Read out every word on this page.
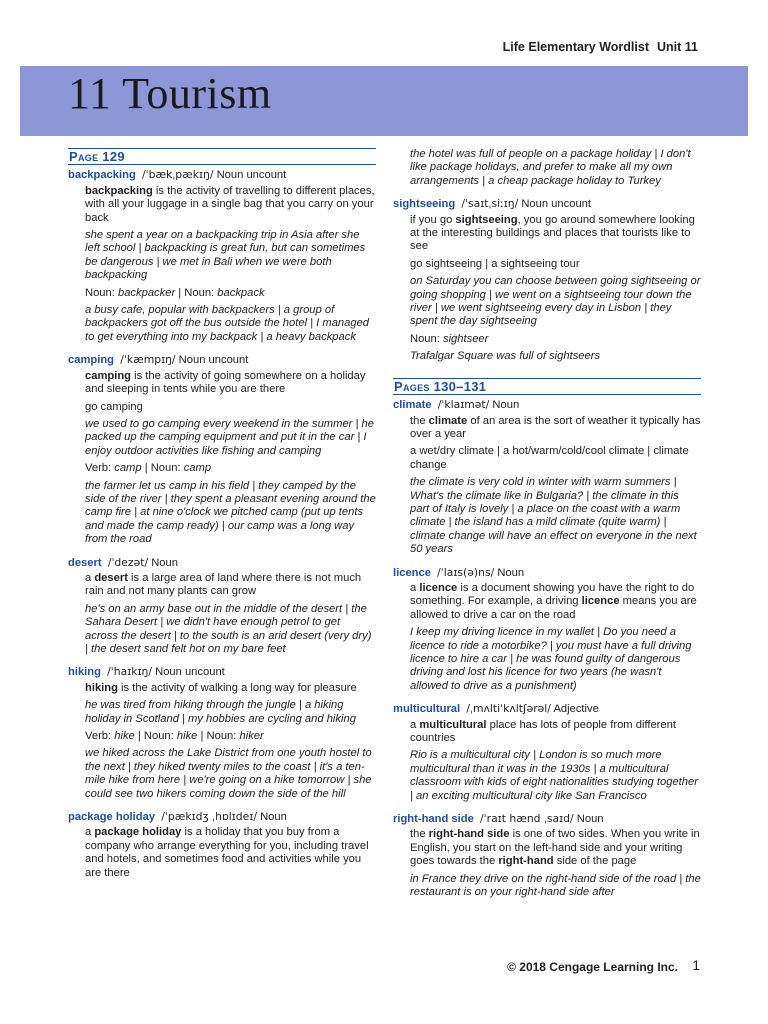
Life Elementary Wordlist Unit 11
11 Tourism
Page 129

backpacking /ˈbækˌpækɪŋ/ Noun uncount

backpacking is the activity of travelling to different places, with all your luggage in a single bag that you carry on your back

she spent a year on a backpacking trip in Asia after she left school | backpacking is great fun, but can sometimes be dangerous | we met in Bali when we were both backpacking

Noun: backpacker | Noun: backpack

a busy cafe, popular with backpackers | a group of backpackers got off the bus outside the hotel | I managed to get everything into my backpack | a heavy backpack

camping /ˈkæmpɪŋ/ Noun uncount

camping is the activity of going somewhere on a holiday and sleeping in tents while you are there

go camping

we used to go camping every weekend in the summer | he packed up the camping equipment and put it in the car | I enjoy outdoor activities like fishing and camping

Verb: camp | Noun: camp

the farmer let us camp in his field | they camped by the side of the river | they spent a pleasant evening around the camp fire | at nine o'clock we pitched camp (put up tents and made the camp ready) | our camp was a long way from the road

desert /ˈdezət/ Noun

a desert is a large area of land where there is not much rain and not many plants can grow

he's on an army base out in the middle of the desert | the Sahara Desert | we didn't have enough petrol to get across the desert | to the south is an arid desert (very dry) | the desert sand felt hot on my bare feet

hiking /ˈhaɪkɪŋ/ Noun uncount

hiking is the activity of walking a long way for pleasure

he was tired from hiking through the jungle | a hiking holiday in Scotland | my hobbies are cycling and hiking

Verb: hike | Noun: hike | Noun: hiker

we hiked across the Lake District from one youth hostel to the next | they hiked twenty miles to the coast | it's a ten-mile hike from here | we're going on a hike tomorrow | she could see two hikers coming down the side of the hill

package holiday /ˈpækɪdʒ ˌhɒlɪdeɪ/ Noun

a package holiday is a holiday that you buy from a company who arrange everything for you, including travel and hotels, and sometimes food and activities while you are there

the hotel was full of people on a package holiday | I don't like package holidays, and prefer to make all my own arrangements | a cheap package holiday to Turkey

sightseeing /ˈsaɪtˌsiːɪŋ/ Noun uncount

if you go sightseeing, you go around somewhere looking at the interesting buildings and places that tourists like to see

go sightseeing | a sightseeing tour

on Saturday you can choose between going sightseeing or going shopping | we went on a sightseeing tour down the river | we went sightseeing every day in Lisbon | they spent the day sightseeing

Noun: sightseer

Trafalgar Square was full of sightseers

Pages 130–131

climate /ˈklaɪmət/ Noun

the climate of an area is the sort of weather it typically has over a year

a wet/dry climate | a hot/warm/cold/cool climate | climate change

the climate is very cold in winter with warm summers | What's the climate like in Bulgaria? | the climate in this part of Italy is lovely | a place on the coast with a warm climate | the island has a mild climate (quite warm) | climate change will have an effect on everyone in the next 50 years

licence /ˈlaɪs(ə)ns/ Noun

a licence is a document showing you have the right to do something. For example, a driving licence means you are allowed to drive a car on the road

I keep my driving licence in my wallet | Do you need a licence to ride a motorbike? | you must have a full driving licence to hire a car | he was found guilty of dangerous driving and lost his licence for two years (he wasn't allowed to drive as a punishment)

multicultural /ˌmʌltiˈkʌltʃərəl/ Adjective

a multicultural place has lots of people from different countries

Rio is a multicultural city | London is so much more multicultural than it was in the 1930s | a multicultural classroom with kids of eight nationalities studying together | an exciting multicultural city like San Francisco

right-hand side /ˈraɪt hænd ˌsaɪd/ Noun

the right-hand side is one of two sides. When you write in English, you start on the left-hand side and your writing goes towards the right-hand side of the page

in France they drive on the right-hand side of the road | the restaurant is on your right-hand side after

© 2018 Cengage Learning Inc. 1
